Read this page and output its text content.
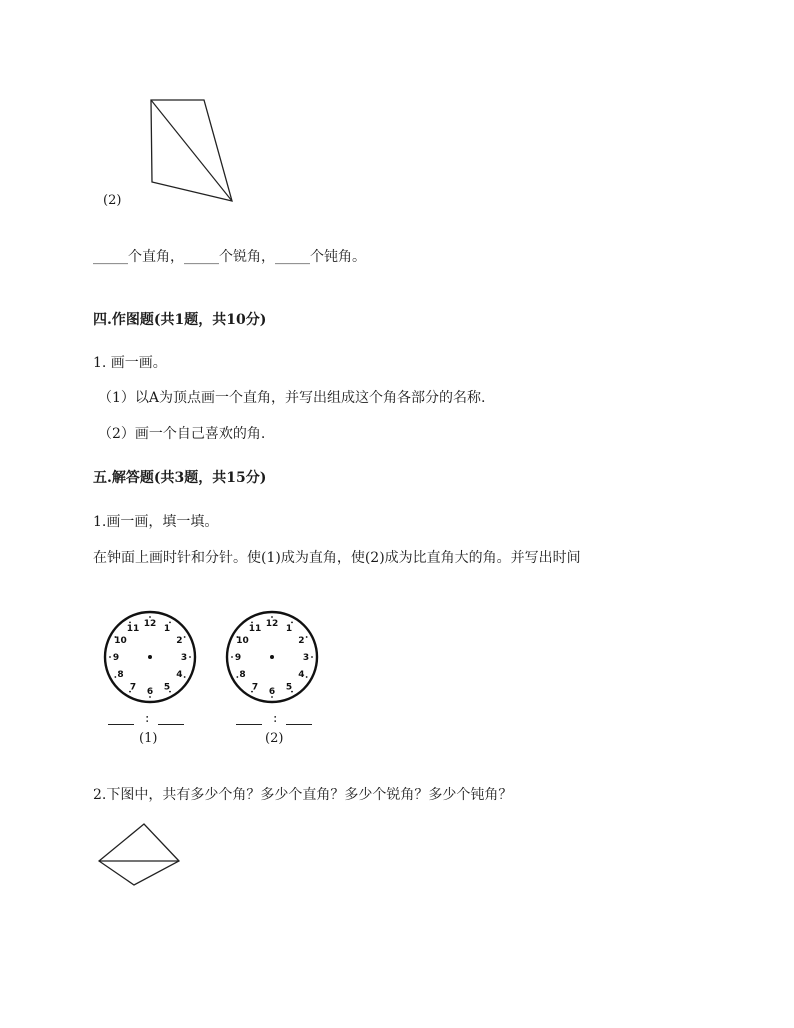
(2)
_____个直角，_____个锐角，_____个钝角。
四.作图题(共1题，共10分)
1. 画一画。
（1）以A为顶点画一个直角，并写出组成这个角各部分的名称.
（2）画一个自己喜欢的角.
五.解答题(共3题，共15分)
1.画一画，填一填。
在钟面上画时针和分针。使(1)成为直角，使(2)成为比直角大的角。并写出时间
12 1
2
3
4
5
6
7
8
9
10
11
:
(1)
12 1
2
3
4
5
6
7
8
9
10
11
:
(2)
2.下图中，共有多少个角？多少个直角？多少个锐角？多少个钝角？
